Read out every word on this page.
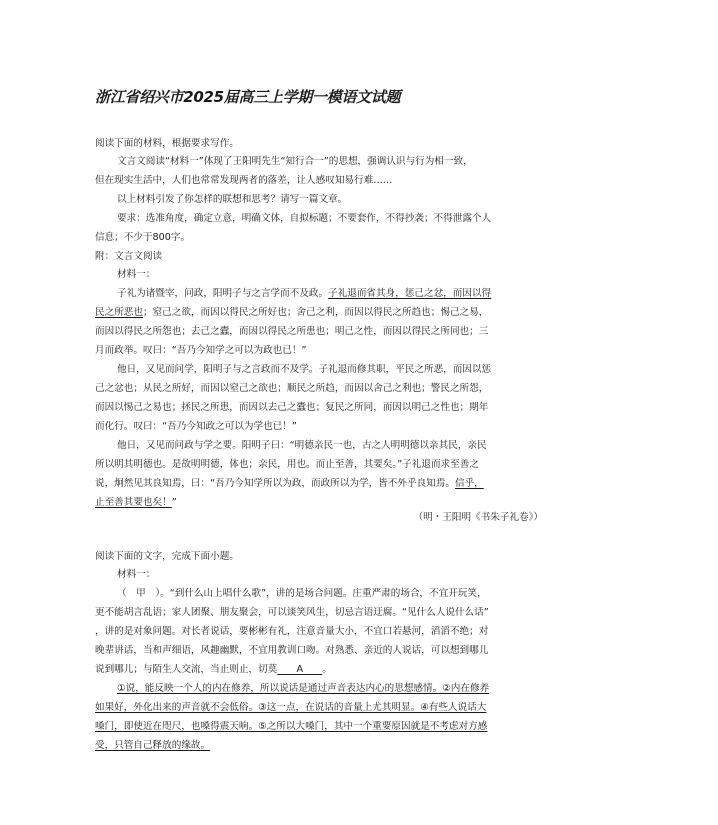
浙江省绍兴市2025届高三上学期一模语文试题
阅读下面的材料，根据要求写作。
文言文阅读“材料一”体现了王阳明先生“知行合一”的思想，强调认识与行为相一致，
但在现实生活中，人们也常常发现两者的落差，让人感叹知易行难……
以上材料引发了你怎样的联想和思考？请写一篇文章。
要求：选准角度，确定立意，明确文体，自拟标题；不要套作，不得抄袭；不得泄露个人
信息；不少于800字。
附：文言文阅读
材料一：
子礼为诸暨宰，问政，阳明子与之言学而不及政。子礼退而省其身，惩己之忿，而因以得
民之所恶也；窒己之欲，而因以得民之所好也；舍己之利，而因以得民之所趋也；惕己之易，
而因以得民之所怨也；去己之蠹，而因以得民之所患也；明己之性，而因以得民之所同也；三
月而政举。叹曰：“吾乃今知学之可以为政也已！”
他日，又见而问学，阳明子与之言政而不及学。子礼退而修其职，平民之所恶，而因以惩
己之忿也；从民之所好，而因以窒己之欲也；顺民之所趋，而因以舍己之利也；警民之所怨，
而因以惕己之易也；拯民之所患，而因以去己之蠹也；复民之所同，而因以明己之性也；期年
而化行。叹曰：“吾乃今知政之可以为学也已！”
他日，又见而问政与学之要。阳明子曰：“明德亲民一也，古之人明明德以亲其民，亲民
所以明其明德也。是故明明德，体也；亲民，用也。而止至善，其要矣。”子礼退而求至善之
说，炯然见其良知焉，曰：“吾乃今知学所以为政，而政所以为学，皆不外乎良知焉。信乎，
止至善其要也矣！”
（明・王阳明《书朱子礼卷》）
阅读下面的文字，完成下面小题。
材料一：
（　甲　）。“到什么山上唱什么歌”，讲的是场合问题。庄重严肃的场合，不宜开玩笑，
更不能胡言乱语；家人团聚、朋友聚会，可以谈笑风生，切忌言语迂腐。“见什么人说什么话”
，讲的是对象问题。对长者说话，要彬彬有礼，注意音量大小，不宜口若悬河，滔滔不绝；对
晚辈讲话，当和声细语，风趣幽默，不宜用教训口吻。对熟悉、亲近的人说话，可以想到哪儿
说到哪儿；与陌生人交流，当止则止，切莫　　A　　。
①说，能反映一个人的内在修养，所以说话是通过声音表达内心的思想感情。②内在修养
如果好，外化出来的声音就不会低俗。③这一点，在说话的音量上尤其明显。④有些人说话大
嗓门，即使近在咫尺，也嗓得震天响。⑤之所以大嗓门，其中一个重要原因就是不考虑对方感
受，只管自己释放的缘故。
